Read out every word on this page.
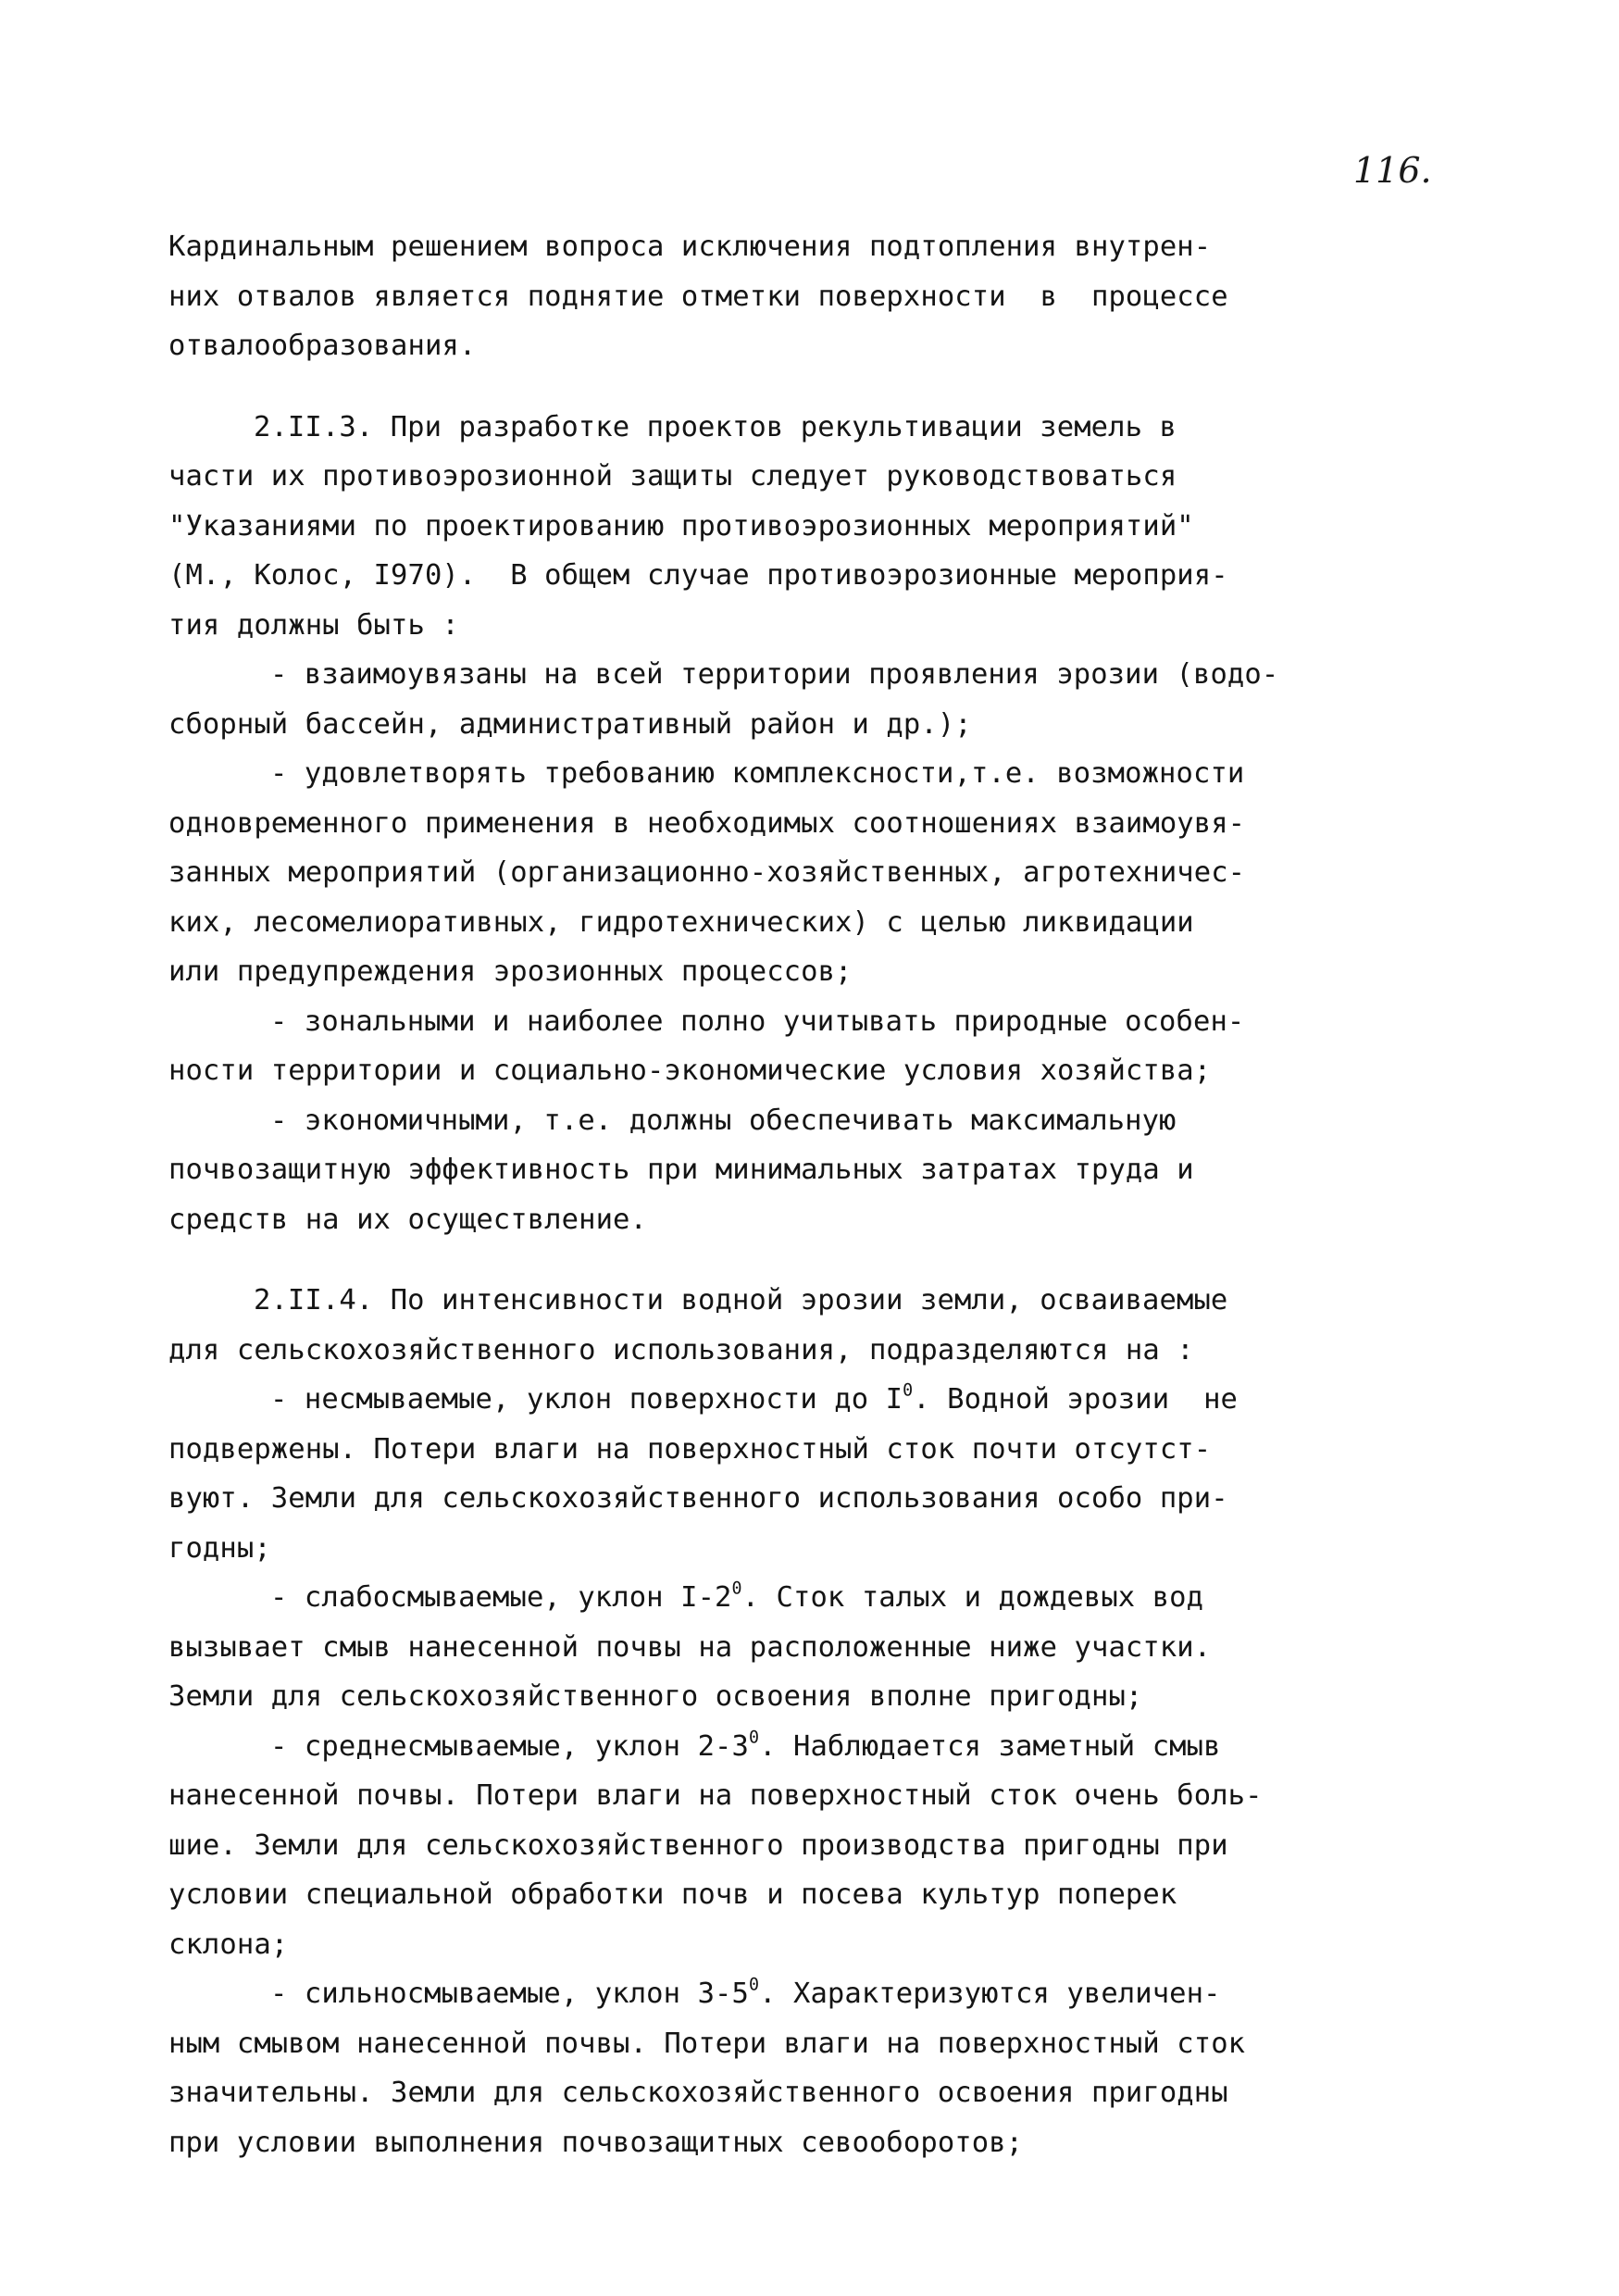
116.
Кардинальным решением вопроса исключения подтопления внутрен-
них отвалов является поднятие отметки поверхности  в  процессе
отвалообразования.
2.II.3. При разработке проектов рекультивации земель в
части их противоэрозионной защиты следует руководствоваться
"Указаниями по проектированию противоэрозионных мероприятий"
(М., Колос, I970).  В общем случае противоэрозионные мероприя-
тия должны быть :
- взаимоувязаны на всей территории проявления эрозии (водо-
сборный бассейн, административный район и др.);
- удовлетворять требованию комплексности,т.е. возможности
одновременного применения в необходимых соотношениях взаимоувя-
занных мероприятий (организационно-хозяйственных, агротехничес-
ких, лесомелиоративных, гидротехнических) с целью ликвидации
или предупреждения эрозионных процессов;
- зональными и наиболее полно учитывать природные особен-
ности территории и социально-экономические условия хозяйства;
- экономичными, т.е. должны обеспечивать максимальную
почвозащитную эффективность при минимальных затратах труда и
средств на их осуществление.
2.II.4. По интенсивности водной эрозии земли, осваиваемые
для сельскохозяйственного использования, подразделяются на :
- несмываемые, уклон поверхности до $I^0$. Водной эрозии  не
подвержены. Потери влаги на поверхностный сток почти отсутст-
вуют. Земли для сельскохозяйственного использования особо при-
годны;
- слабосмываемые, уклон $I-2^0$. Сток талых и дождевых вод
вызывает смыв нанесенной почвы на расположенные ниже участки.
Земли для сельскохозяйственного освоения вполне пригодны;
- среднесмываемые, уклон $2-3^0$. Наблюдается заметный смыв
нанесенной почвы. Потери влаги на поверхностный сток очень боль-
шие. Земли для сельскохозяйственного производства пригодны при
условии специальной обработки почв и посева культур поперек
склона;
- сильносмываемые, уклон $3-5^0$. Характеризуются увеличен-
ным смывом нанесенной почвы. Потери влаги на поверхностный сток
значительны. Земли для сельскохозяйственного освоения пригодны
при условии выполнения почвозащитных севооборотов;
